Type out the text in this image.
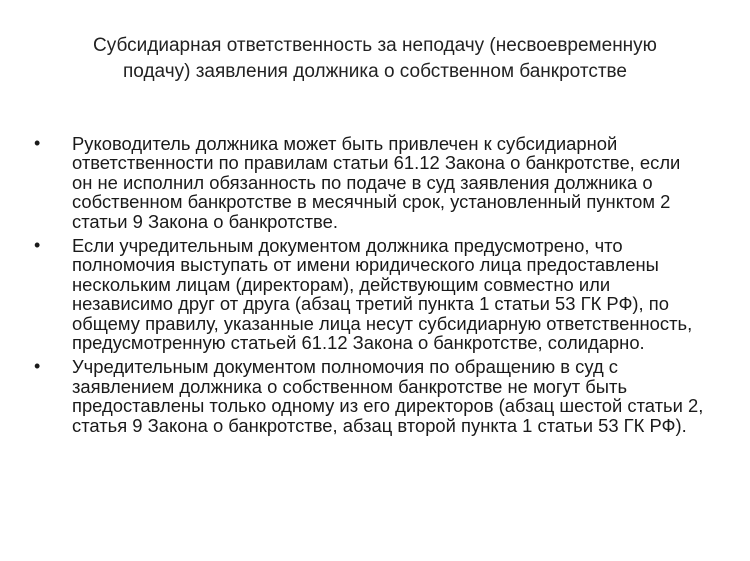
Субсидиарная ответственность за неподачу (несвоевременную подачу) заявления должника о собственном банкротстве
•	Руководитель должника может быть привлечен к субсидиарной ответственности по правилам статьи 61.12 Закона о банкротстве, если он не исполнил обязанность по подаче в суд заявления должника о собственном банкротстве в месячный срок, установленный пунктом 2 статьи 9 Закона о банкротстве.
•	Если учредительным документом должника предусмотрено, что полномочия выступать от имени юридического лица предоставлены нескольким лицам (директорам), действующим совместно или независимо друг от друга (абзац третий пункта 1 статьи 53 ГК РФ), по общему правилу, указанные лица несут субсидиарную ответственность, предусмотренную статьей 61.12 Закона о банкротстве, солидарно.
•	Учредительным документом полномочия по обращению в суд с заявлением должника о собственном банкротстве не могут быть предоставлены только одному из его директоров (абзац шестой статьи 2, статья 9 Закона о банкротстве, абзац второй пункта 1 статьи 53 ГК РФ).
